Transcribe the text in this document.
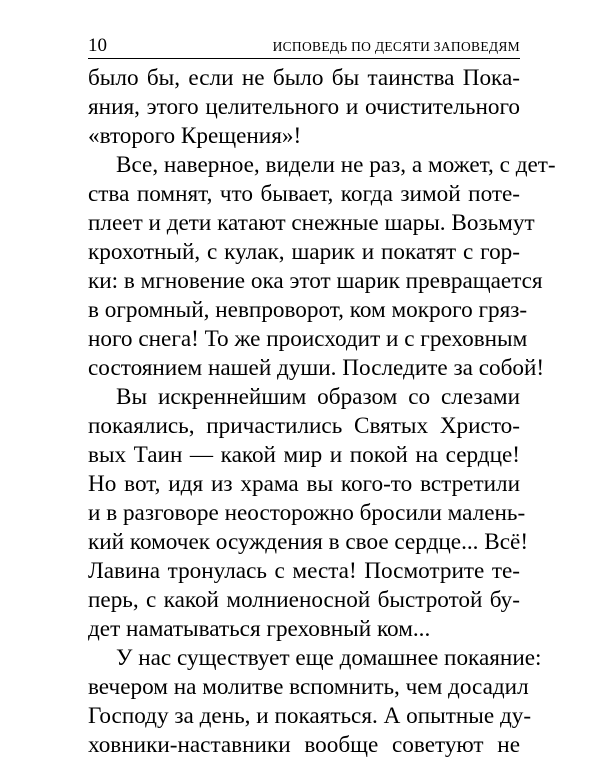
10	ИСПОВЕДЬ ПО ДЕСЯТИ ЗАПОВЕДЯМ
было бы, если не было бы таинства Пока-
яния, этого целительного и очистительного
«второго Крещения»!
Все, наверное, видели не раз, а может, с дет-
ства помнят, что бывает, когда зимой поте-
плеет и дети катают снежные шары. Возьмут
крохотный, с кулак, шарик и покатят с гор-
ки: в мгновение ока этот шарик превращается
в огромный, невпроворот, ком мокрого гряз-
ного снега! То же происходит и с греховным
состоянием нашей души. Последите за собой!
Вы искреннейшим образом со слезами
покаялись, причастились Святых Христо-
вых Таин — какой мир и покой на сердце!
Но вот, идя из храма вы кого-то встретили
и в разговоре неосторожно бросили малень-
кий комочек осуждения в свое сердце... Всё!
Лавина тронулась с места! Посмотрите те-
перь, с какой молниеносной быстротой бу-
дет наматываться греховный ком...
У нас существует еще домашнее покаяние:
вечером на молитве вспомнить, чем досадил
Господу за день, и покаяться. А опытные ду-
ховники-наставники вообще советуют не
